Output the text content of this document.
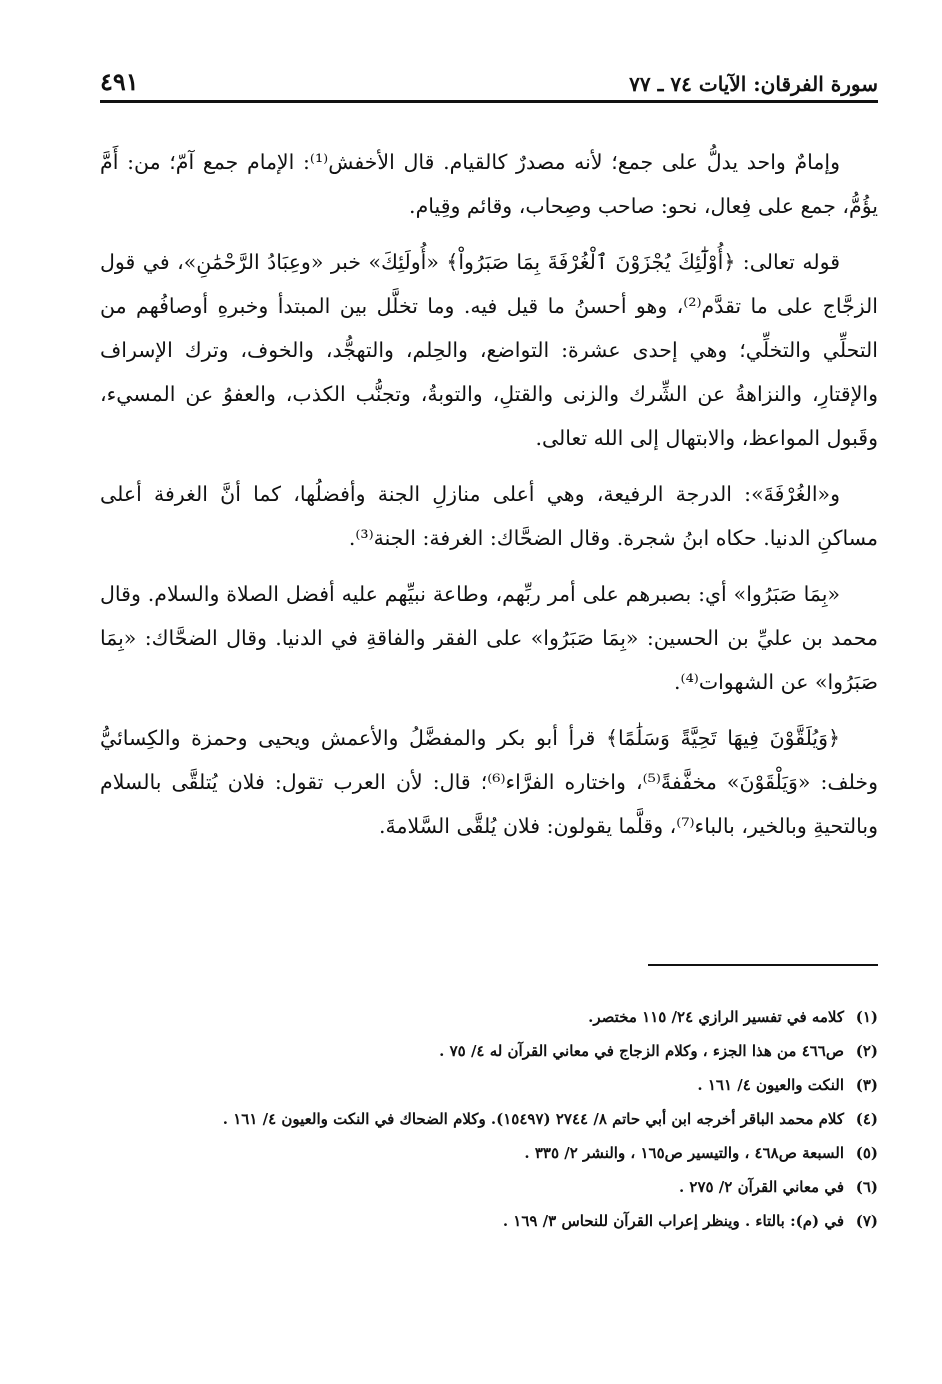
سورة الفرقان: الآيات ٧٤ ـ ٧٧
٤٩١

وإمامٌ واحد يدلُّ على جمع؛ لأنه مصدرٌ كالقيام. قال الأخفش⁽¹⁾: الإمام جمع آمّ؛ من: أَمَّ يؤُمُّ، جمع على فِعال، نحو: صاحب وصِحاب، وقائم وقِيام.

قوله تعالى: ﴿أُوْلَٰٓئِكَ يُجْزَوْنَ ٱلْغُرْفَةَ بِمَا صَبَرُواْ﴾ «أُولَئِكَ» خبر «وعِبَادُ الرَّحْمَٰنِ»، في قول الزجَّاج على ما تقدَّم⁽²⁾، وهو أحسنُ ما قيل فيه. وما تخلَّل بين المبتدأ وخبرهِ أوصافُهم من التحلِّي والتخلِّي؛ وهي إحدى عشرة: التواضع، والحِلم، والتهجُّد، والخوف، وترك الإسراف والإقتارِ، والنزاهةُ عن الشِّرك والزنى والقتلِ، والتوبةُ، وتجنُّب الكذب، والعفوُ عن المسيء، وقَبول المواعظ، والابتهال إلى الله تعالى.

و«الغُرْفَةَ»: الدرجة الرفيعة، وهي أعلى منازلِ الجنة وأفضلُها، كما أنَّ الغرفة أعلى مساكنِ الدنيا. حكاه ابنُ شجرة. وقال الضحَّاك: الغرفة: الجنة⁽³⁾.

«بِمَا صَبَرُوا» أي: بصبرهم على أمر ربِّهم، وطاعة نبيِّهم عليه أفضل الصلاة والسلام. وقال محمد بن عليِّ بن الحسين: «بِمَا صَبَرُوا» على الفقر والفاقةِ في الدنيا. وقال الضحَّاك: «بِمَا صَبَرُوا» عن الشهوات⁽⁴⁾.

﴿وَيُلَقَّوْنَ فِيهَا تَحِيَّةً وَسَلَٰمًا﴾ قرأ أبو بكر والمفضَّلُ والأعمش ويحيى وحمزة والكِسائيُّ وخلف: «وَيَلْقَوْنَ» مخفَّفةً⁽⁵⁾، واختاره الفرَّاء⁽⁶⁾؛ قال: لأن العرب تقول: فلان يُتلقَّى بالسلام وبالتحيةِ وبالخير، بالباء⁽⁷⁾، وقلَّما يقولون: فلان يُلقَّى السَّلامةَ.

(١)
كلامه في تفسير الرازي ٢٤/ ١١٥ مختصر.
(٢)
ص٤٦٦ من هذا الجزء ، وكلام الزجاج في معاني القرآن له ٤/ ٧٥ .
(٣)
النكت والعيون ٤/ ١٦١ .
(٤)
كلام محمد الباقر أخرجه ابن أبي حاتم ٨/ ٢٧٤٤ (١٥٤٩٧). وكلام الضحاك في النكت والعيون ٤/ ١٦١ .
(٥)
السبعة ص٤٦٨ ، والتيسير ص١٦٥ ، والنشر ٢/ ٣٣٥ .
(٦)
في معاني القرآن ٢/ ٢٧٥ .
(٧)
في (م): بالتاء . وينظر إعراب القرآن للنحاس ٣/ ١٦٩ .
